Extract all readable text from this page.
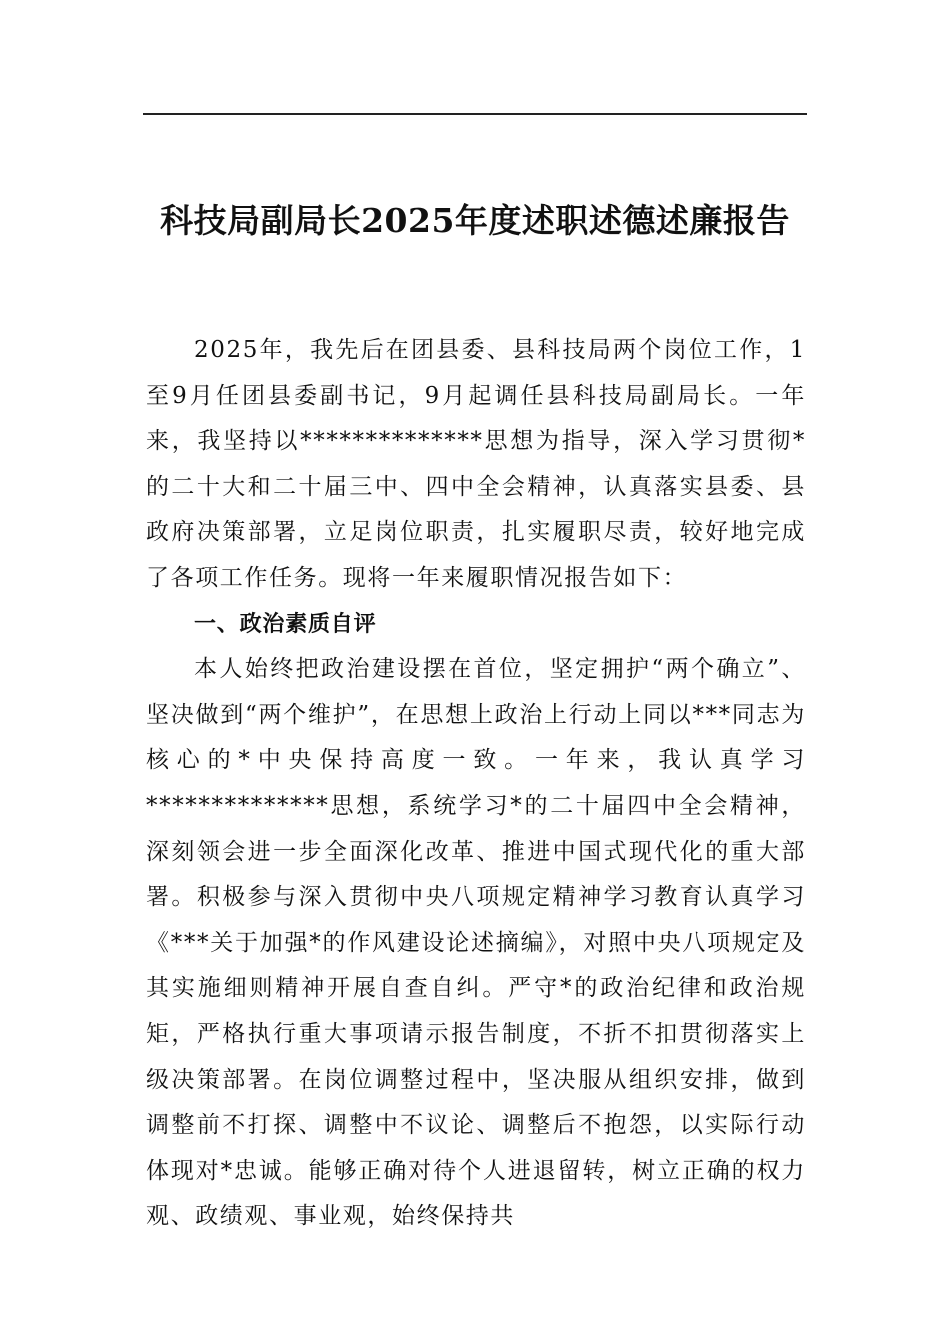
科技局副局长2025年度述职述德述廉报告

2025年，我先后在团县委、县科技局两个岗位工作，1至9月任团县委副书记，9月起调任县科技局副局长。一年来，我坚持以**************思想为指导，深入学习贯彻*的二十大和二十届三中、四中全会精神，认真落实县委、县政府决策部署，立足岗位职责，扎实履职尽责，较好地完成了各项工作任务。现将一年来履职情况报告如下：

一、政治素质自评

本人始终把政治建设摆在首位，坚定拥护“两个确立”、坚决做到“两个维护”，在思想上政治上行动上同以***同志为核心的*中央保持高度一致。一年来，我认真学习**************思想，系统学习*的二十届四中全会精神，深刻领会进一步全面深化改革、推进中国式现代化的重大部署。积极参与深入贯彻中央八项规定精神学习教育认真学习《***关于加强*的作风建设论述摘编》，对照中央八项规定及其实施细则精神开展自查自纠。严守*的政治纪律和政治规矩，严格执行重大事项请示报告制度，不折不扣贯彻落实上级决策部署。在岗位调整过程中，坚决服从组织安排，做到调整前不打探、调整中不议论、调整后不抱怨，以实际行动体现对*忠诚。能够正确对待个人进退留转，树立正确的权力观、政绩观、事业观，始终保持共
